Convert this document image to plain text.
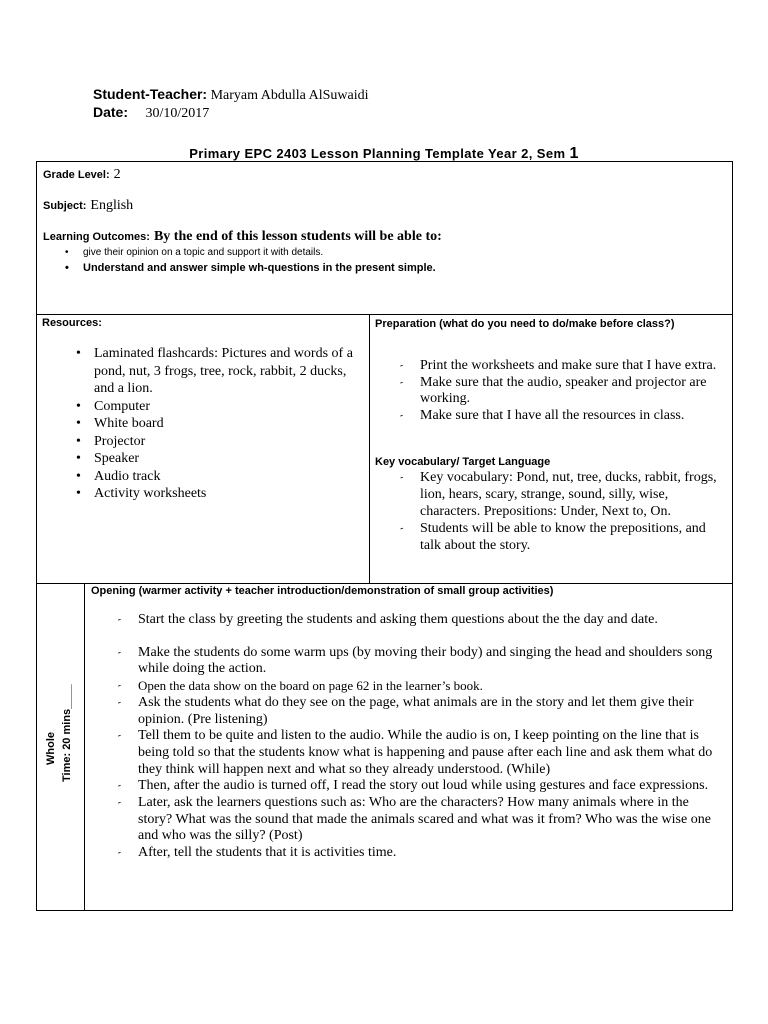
Student-Teacher: Maryam Abdulla AlSuwaidi
Date: 30/10/2017
Primary EPC 2403 Lesson Planning Template Year 2, Sem 1
Grade Level: 2
Subject: English
Learning Outcomes: By the end of this lesson students will be able to:
• give their opinion on a topic and support it with details.
• Understand and answer simple wh-questions in the present simple.
Resources:
• Laminated flashcards: Pictures and words of a pond, nut, 3 frogs, tree, rock, rabbit, 2 ducks, and a lion.
• Computer
• White board
• Projector
• Speaker
• Audio track
• Activity worksheets
Preparation (what do you need to do/make before class?)
- Print the worksheets and make sure that I have extra.
- Make sure that the audio, speaker and projector are working.
- Make sure that I have all the resources in class.
Key vocabulary/ Target Language
- Key vocabulary: Pond, nut, tree, ducks, rabbit, frogs, lion, hears, scary, strange, sound, silly, wise, characters. Prepositions: Under, Next to, On.
- Students will be able to know the prepositions, and talk about the story.
Whole Time: 20 mins____
Opening (warmer activity + teacher introduction/demonstration of small group activities)
- Start the class by greeting the students and asking them questions about the the day and date.
- Make the students do some warm ups (by moving their body) and singing the head and shoulders song while doing the action.
- Open the data show on the board on page 62 in the learner’s book.
- Ask the students what do they see on the page, what animals are in the story and let them give their opinion. (Pre listening)
- Tell them to be quite and listen to the audio. While the audio is on, I keep pointing on the line that is being told so that the students know what is happening and pause after each line and ask them what do they think will happen next and what so they already understood. (While)
- Then, after the audio is turned off, I read the story out loud while using gestures and face expressions.
- Later, ask the learners questions such as: Who are the characters? How many animals where in the story? What was the sound that made the animals scared and what was it from? Who was the wise one and who was the silly? (Post)
- After, tell the students that it is activities time.
